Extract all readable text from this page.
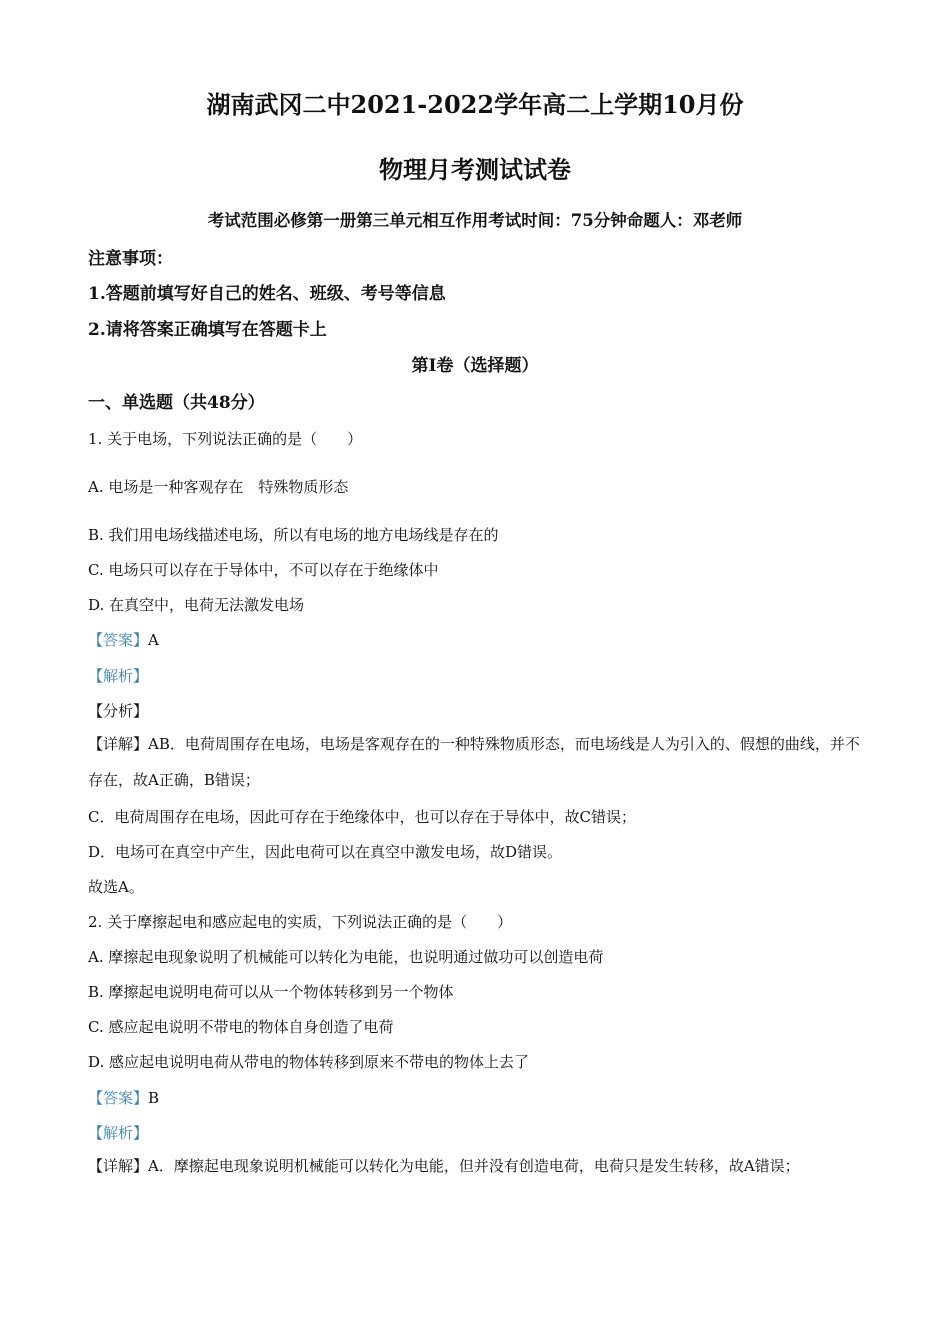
湖南武冈二中2021-2022学年高二上学期10月份
物理月考测试试卷
考试范围必修第一册第三单元相互作用考试时间：75分钟命题人：邓老师
注意事项：
1.答题前填写好自己的姓名、班级、考号等信息
2.请将答案正确填写在答题卡上
第I卷（选择题）
一、单选题（共48分）
1. 关于电场，下列说法正确的是（　　）
A. 电场是一种客观存在　特殊物质形态
B. 我们用电场线描述电场，所以有电场的地方电场线是存在的
C. 电场只可以存在于导体中，不可以存在于绝缘体中
D. 在真空中，电荷无法激发电场
【答案】A
【解析】
【分析】
【详解】AB．电荷周围存在电场，电场是客观存在的一种特殊物质形态，而电场线是人为引入的、假想的曲线，并不存在，故A正确，B错误；
C．电荷周围存在电场，因此可存在于绝缘体中，也可以存在于导体中，故C错误；
D．电场可在真空中产生，因此电荷可以在真空中激发电场，故D错误。
故选A。
2. 关于摩擦起电和感应起电的实质，下列说法正确的是（　　）
A. 摩擦起电现象说明了机械能可以转化为电能，也说明通过做功可以创造电荷
B. 摩擦起电说明电荷可以从一个物体转移到另一个物体
C. 感应起电说明不带电的物体自身创造了电荷
D. 感应起电说明电荷从带电的物体转移到原来不带电的物体上去了
【答案】B
【解析】
【详解】A．摩擦起电现象说明机械能可以转化为电能，但并没有创造电荷，电荷只是发生转移，故A错误；
